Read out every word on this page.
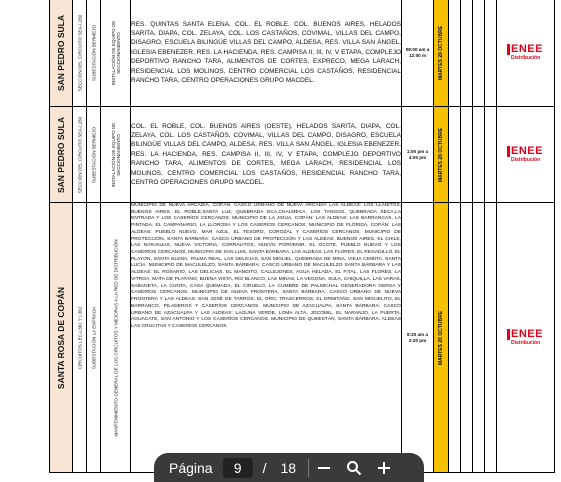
SAN PEDRO SULA	SECCIÓN DEL CIRCUITO SEA-L280	SUBESTACIÓN BERMEJO	INSTALACIÓN DE EQUIPO DE SECCIONAMIENTO	RES. QUINTAS SANTA ELENA, COL. EL ROBLE, COL. BUENOS AIRES, HELADOS SARITA, DIAPA, COL. ZELAYA, COL. LOS CASTAÑOS, COVIMAL, VILLAS DEL CAMPO, DISAGRO, ESCUELA BILINGÜE VILLAS DEL CAMPO, ALDESA, RES. VILLA SAN ÁNGEL, IGLESIA EBENEZER, RES. LA HACIENDA, RES. CAMPISA II, III, IV, V ETAPA, COMPLEJO DEPORTIVO RANCHO TARA, ALIMENTOS DE CORTES, EXPRECO, MEGA LARACH, RESIDENCIAL LOS MOLINOS, CENTRO COMERCIAL LOS CASTAÑOS, RESIDENCIAL RANCHO TARA, CENTRO OPERACIONES GRUPO MACDEL.	08:00 am a 12:00 m	MARTES 28 OCTUBRE					ENEE
Distribución

SAN PEDRO SULA	SECCIÓN DEL CIRCUITO SEA-L280	SUBESTACIÓN BERMEJO	INSTALACIÓN DE EQUIPO DE SECCIONAMIENTO	COL. EL ROBLE, COL. BUENOS AIRES (OESTE), HELADOS SARITA, DIAPA, COL. ZELAYA, COL. LOS CASTAÑOS, COVIMAL, VILLAS DEL CAMPO, DISAGRO, ESCUELA BILINGÜE VILLAS DEL CAMPO, ALDESA, RES. VILLA SAN ÁNGEL, IGLESIA EBENEZER, RES. LA HACIENDA, RES. CAMPISA II, III, IV, V ETAPA, COMPLEJO DEPORTIVO RANCHO TARA, ALIMENTOS DE CORTES, MEGA LARACH, RESIDENCIAL LOS MOLINOS, CENTRO COMERCIAL LOS CASTAÑOS, RESIDENCIAL RANCHO TARA, CENTRO OPERACIONES GRUPO MACDEL.	1:00 pm a 4:00 pm	MARTES 28 OCTUBRE					ENEE
Distribución

SANTA ROSA DE COPÁN	CIRCUITOS LEC-L361 Y L362	SUBESTACIÓN LA ENTRADA	MANTENIMIENTO GENERAL DE LOS CIRCUITOS Y MEJORAS A LA RED DE DISTRIBUCIÓN	MUNICIPIO DE NUEVA ARCADIA, COPÁN: CASCO URBANO DE NUEVA ARCADIA LAS ALDEAS: LOS LLANITOS, BUENOS AIRES, EL ROBLE,SANTA LUZ, QUEBRADA ECA,CHALMECA, LOS TANGOS, QUEBRADA SECA,LA ENTRADA Y LOS CASERÍOS CERCANOS; MUNICIPIO DE LA JIGUA, COPÁN: LAS ALDEAS: LAS BARRANCAS, LA PINTADA, EL CAMPANARIO, LA LLOROSA Y LOS CASERÍOS CERCANOS; MUNICIPIO DE FLORIDA, COPÁN: LAS ALDEAS: PUEBLO NUEVO, MAR AZUL, EL TESORO, COROZAL Y CASERÍOS CERCANOS. MUNICIPIO DE PROTECCIÓN, SANTA BÁRBARA: CASCO URBANO DE PROTECCIÓN Y LAS ALDEAS: BUENOS AIRES, EL CHILE, LAS NARANJAS, NUEVA VICTORIA, CORRALITOS, NUEVO PORVENIR, EL OCOTE, PUEBLO NUEVO Y LOS CASERÍOS CERCANOS; MUNICIPIO DE SAN LUIS, SANTA BÁRBARA: LAS ALDEAS: LAS FLORES, EL REGADILLO, EL PLAYON, SANTA ELENA, PALMA REAL, LAS DELICIAS, SAN MIGUEL, QUEBRADA DE MINA, VIEJA CEIBITA, SANTA LUCÍA. MUNICIPIO DE MACULELZO, SANTA BÁRBARA: CASCO URBANO DE MACULELZO SANTA BÁRBARA Y LAS ALDEAS: EL ROSARIO, LAS DELICIAS, EL MANGITO, CALLEJONES, AGUA HELADA, EL FITAL, LAS FLORES, LA VITROA, MATA DE PLATANO, BUENA VISTA, RÍO BLANCO, LAS MINAS, LA VEGONA, SULA, CHIQUILLA, LAS VARAS, SABANETA, LA CUNTA, CASA QUEMADA, EL CIRUELO, LA CUMBRE DE PALMICHAL GENERADORA GERSA Y CASERÍOS CERCANOS. MUNICIPIO DE NUEVA FRONTERA, SANTA BÁRBARA: CASCO URBANO DE NUEVA FRONTERA Y LAS ALDEAS: SAN JOSÉ DE TARROS, EL ORO, TRASCERROS, EL ERMITAÑO, SAN MIGUELITO, EL BARRANCO, PILADEROS Y CASERÍOS CERCANOS. MUNICIPIO DE AZACUALPA, SANTA BÁRBARA: CASCO URBANO DE AZACUALPA Y LAS ALDEAS: LAGUNA VERDE, LOMA ALTA, JOCOMIL, EL NARANJO, LA PUERTA, AGUACATE, SAN ANTONIO Y LOS CASERÍOS CERCANOS. MUNICIPIO DE QUIMISTÁN, SANTA BÁRBARA: ALDEAS LAS CRUCITAS Y CASERÍOS CERCANOS.	8:20 am a 2:20 pm	MARTES 28 OCTUBRE					ENEE
Distribución
Página	9	/ 18
